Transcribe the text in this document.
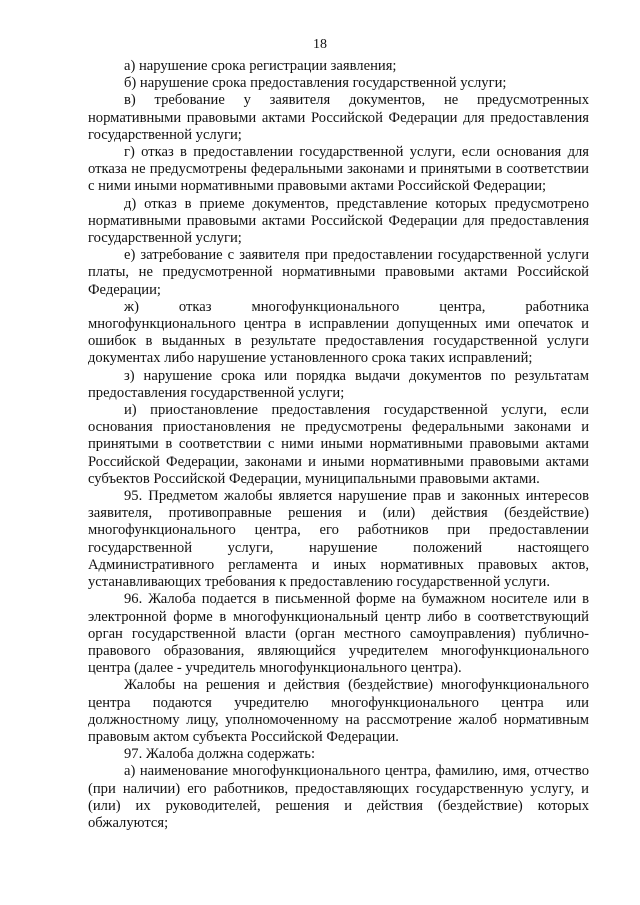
18

а) нарушение срока регистрации заявления;

б) нарушение срока предоставления государственной услуги;

в) требование у заявителя документов, не предусмотренных нормативными правовыми актами Российской Федерации для предоставления государственной услуги;

г) отказ в предоставлении государственной услуги, если основания для отказа не предусмотрены федеральными законами и принятыми в соответствии с ними иными нормативными правовыми актами Российской Федерации;

д) отказ в приеме документов, представление которых предусмотрено нормативными правовыми актами Российской Федерации для предоставления государственной услуги;

е) затребование с заявителя при предоставлении государственной услуги платы, не предусмотренной нормативными правовыми актами Российской Федерации;

ж) отказ многофункционального центра, работника многофункционального центра в исправлении допущенных ими опечаток и ошибок в выданных в результате предоставления государственной услуги документах либо нарушение установленного срока таких исправлений;

з) нарушение срока или порядка выдачи документов по результатам предоставления государственной услуги;

и) приостановление предоставления государственной услуги, если основания приостановления не предусмотрены федеральными законами и принятыми в соответствии с ними иными нормативными правовыми актами Российской Федерации, законами и иными нормативными правовыми актами субъектов Российской Федерации, муниципальными правовыми актами.

95. Предметом жалобы является нарушение прав и законных интересов заявителя, противоправные решения и (или) действия (бездействие) многофункционального центра, его работников при предоставлении государственной услуги, нарушение положений настоящего Административного регламента и иных нормативных правовых актов, устанавливающих требования к предоставлению государственной услуги.

96. Жалоба подается в письменной форме на бумажном носителе или в электронной форме в многофункциональный центр либо в соответствующий орган государственной власти (орган местного самоуправления) публично-правового образования, являющийся учредителем многофункционального центра (далее - учредитель многофункционального центра).

Жалобы на решения и действия (бездействие) многофункционального центра подаются учредителю многофункционального центра или должностному лицу, уполномоченному на рассмотрение жалоб нормативным правовым актом субъекта Российской Федерации.

97. Жалоба должна содержать:

а) наименование многофункционального центра, фамилию, имя, отчество (при наличии) его работников, предоставляющих государственную услугу, и (или) их руководителей, решения и действия (бездействие) которых обжалуются;
